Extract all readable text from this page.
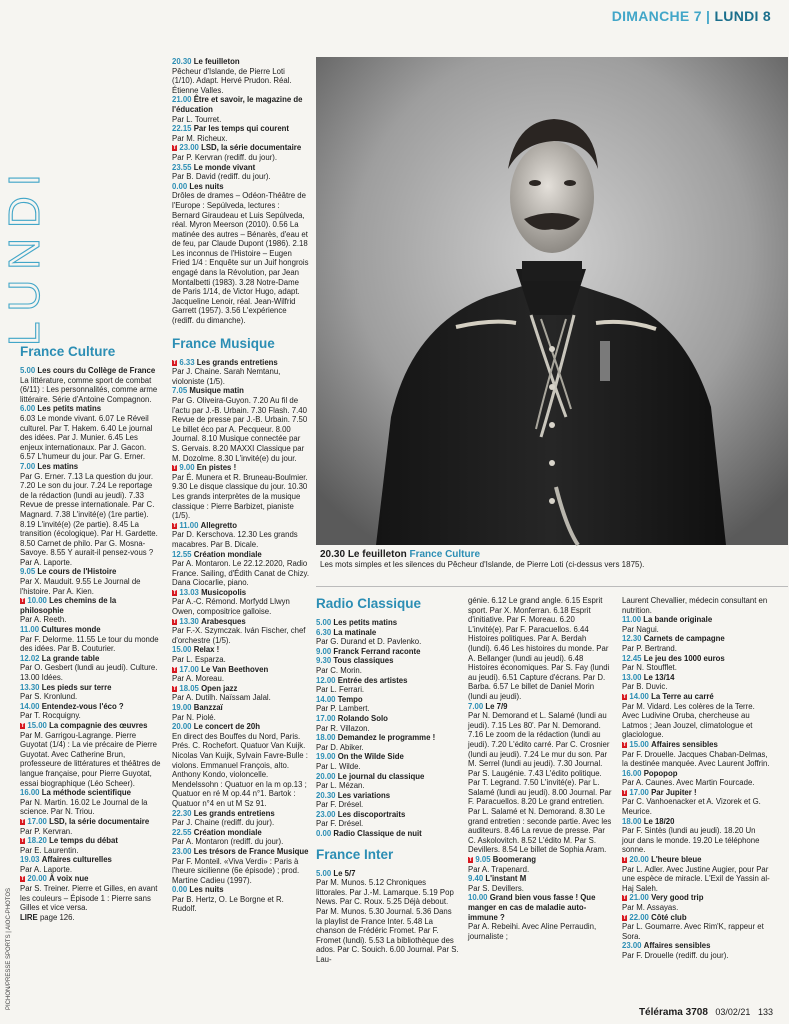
DIMANCHE 7 | LUNDI 8
LUNDI
PICHON/PRESSE SPORTS | AIOC-PHOTOS
France Culture
5.00 Les cours du Collège de France
La littérature, comme sport de combat (6/11) : Les personnalités, comme arme littéraire. Série d'Antoine Compagnon.
6.00 Les petits matins
6.03 Le monde vivant. 6.07 Le Réveil culturel. Par T. Hakem. 6.40 Le journal des idées. Par J. Munier. 6.45 Les enjeux internationaux. Par J. Gacon. 6.57 L'humeur du jour. Par G. Erner.
7.00 Les matins
Par G. Erner. 7.13 La question du jour. 7.20 Le son du jour. 7.24 Le reportage de la rédaction (lundi au jeudi). 7.33 Revue de presse internationale. Par C. Magnard. 7.38 L'invité(e) (1re partie). 8.19 L'invité(e) (2e partie). 8.45 La transition (écologique). Par H. Gardette. 8.50 Carnet de philo. Par G. Mosna-Savoye. 8.55 Y aurait-il pensez-vous ? Par A. Laporte.
9.05 Le cours de l'Histoire
Par X. Mauduit. 9.55 Le Journal de l'histoire. Par A. Kien.
T 10.00 Les chemins de la philosophie
Par A. Reeth.
11.00 Cultures monde
Par F. Delorme. 11.55 Le tour du monde des idées. Par B. Couturier.
12.02 La grande table
Par O. Gesbert (lundi au jeudi). Culture. 13.00 Idées.
13.30 Les pieds sur terre
Par S. Kronlund.
14.00 Entendez-vous l'éco ?
Par T. Rocquigny.
T 15.00 La compagnie des œuvres
Par M. Garrigou-Lagrange. Pierre Guyotat (1/4) : La vie précaire de Pierre Guyotat. Avec Catherine Brun, professeure de littératures et théâtres de langue française, pour Pierre Guyotat, essai biographique (Léo Scheer).
16.00 La méthode scientifique
Par N. Martin. 16.02 Le Journal de la science. Par N. Triou.
T 17.00 LSD, la série documentaire
Par P. Kervran.
T 18.20 Le temps du débat
Par E. Laurentin.
19.03 Affaires culturelles
Par A. Laporte.
T 20.00 À voix nue
Par S. Treiner. Pierre et Gilles, en avant les couleurs – Épisode 1 : Pierre sans Gilles et vice versa.
LIRE page 126.
20.30 Le feuilleton
Pêcheur d'Islande, de Pierre Loti (1/10). Adapt. Hervé Prudon. Réal. Étienne Valles.
21.00 Être et savoir, le magazine de l'éducation
Par L. Tourret.
22.15 Par les temps qui courent
Par M. Richeux.
T 23.00 LSD, la série documentaire
Par P. Kervran (rediff. du jour).
23.55 Le monde vivant
Par B. David (rediff. du jour).
0.00 Les nuits
Drôles de drames – Odéon-Théâtre de l'Europe : Sepúlveda, lectures : Bernard Giraudeau et Luis Sepúlveda, réal. Myron Meerson (2010). 0.56 La matinée des autres – Bénarès, d'eau et de feu, par Claude Dupont (1986). 2.18 Les inconnus de l'Histoire – Eugen Fried 1/4 : Enquête sur un Juif hongrois engagé dans la Révolution, par Jean Montalbetti (1983). 3.28 Notre-Dame de Paris 1/14, de Victor Hugo, adapt. Jacqueline Lenoir, réal. Jean-Wilfrid Garrett (1957). 3.56 L'expérience (rediff. du dimanche).
France Musique
T 6.33 Les grands entretiens
Par J. Chaine. Sarah Nemtanu, violoniste (1/5).
7.05 Musique matin
Par G. Oliveira-Guyon. 7.20 Au fil de l'actu par J.-B. Urbain. 7.30 Flash. 7.40 Revue de presse par J.-B. Urbain. 7.50 Le billet éco par A. Pecqueur. 8.00 Journal. 8.10 Musique connectée par S. Gervais. 8.20 MAXXI Classique par M. Dozolme. 8.30 L'invité(e) du jour.
T 9.00 En pistes !
Par É. Munera et R. Bruneau-Boulmier. 9.30 Le disque classique du jour. 10.30 Les grands interprètes de la musique classique : Pierre Barbizet, pianiste (1/5).
T 11.00 Allegretto
Par D. Kerschova. 12.30 Les grands macabres. Par B. Dicale.
12.55 Création mondiale
Par A. Montaron. Le 22.12.2020, Radio France. Sailing, d'Édith Canat de Chizy. Dana Ciocarlie, piano.
T 13.03 Musicopolis
Par A.-C. Rémond. Morfydd Llwyn Owen, compositrice galloise.
T 13.30 Arabesques
Par F.-X. Szymczak. Iván Fischer, chef d'orchestre (1/5).
15.00 Relax !
Par L. Esparza.
T 17.00 Le Van Beethoven
Par A. Moreau.
T 18.05 Open jazz
Par A. Dutilh. Naïssam Jalal.
19.00 Banzzaï
Par N. Piolé.
20.00 Le concert de 20h
En direct des Bouffes du Nord, Paris. Prés. C. Rochefort. Quatuor Van Kuijk. Nicolas Van Kuijk, Sylvain Favre-Bulle : violons. Emmanuel François, alto. Anthony Kondo, violoncelle. Mendelssohn : Quatuor en la m op.13 ; Quatuor en ré M op.44 n°1. Bartok : Quatuor n°4 en ut M Sz 91.
22.30 Les grands entretiens
Par J. Chaine (rediff. du jour).
22.55 Création mondiale
Par A. Montaron (rediff. du jour).
23.00 Les trésors de France Musique
Par F. Monteil. «Viva Verdi» : Paris à l'heure sicilienne (6e épisode) ; prod. Martine Cadieu (1997).
0.00 Les nuits
Par B. Hertz, O. Le Borgne et R. Rudolf.
Radio Classique
5.00 Les petits matins
6.30 La matinale
Par G. Durand et D. Pavlenko.
9.00 Franck Ferrand raconte
9.30 Tous classiques
Par C. Morin.
12.00 Entrée des artistes
Par L. Ferrari.
14.00 Tempo
Par P. Lambert.
17.00 Rolando Solo
Par R. Villazon.
18.00 Demandez le programme !
Par D. Abiker.
19.00 On the Wilde Side
Par L. Wilde.
20.00 Le journal du classique
Par L. Mézan.
20.30 Les variations
Par F. Drésel.
23.00 Les discoportraits
Par F. Drésel.
0.00 Radio Classique de nuit
France Inter
5.00 Le 5/7
Par M. Munos. 5.12 Chroniques littorales. Par J.-M. Lamarque. 5.19 Pop News. Par C. Roux. 5.25 Déjà debout. Par M. Munos. 5.30 Journal. 5.36 Dans la playlist de France Inter. 5.48 La chanson de Frédéric Fromet. Par F. Fromet (lundi). 5.53 La bibliothèque des ados. Par C. Souich. 6.00 Journal. Par S. Lau-
génie. 6.12 Le grand angle. 6.15 Esprit sport. Par X. Monferran. 6.18 Esprit d'initiative. Par F. Moreau. 6.20 L'invité(e). Par F. Paracuellos. 6.44 Histoires politiques. Par A. Berdah (lundi). 6.46 Les histoires du monde. Par A. Bellanger (lundi au jeudi). 6.48 Histoires économiques. Par S. Fay (lundi au jeudi). 6.51 Capture d'écrans. Par D. Barba. 6.57 Le billet de Daniel Morin (lundi au jeudi).
7.00 Le 7/9
Par N. Demorand et L. Salamé (lundi au jeudi). 7.15 Les 80'. Par N. Demorand. 7.16 Le zoom de la rédaction (lundi au jeudi). 7.20 L'édito carré. Par C. Crosnier (lundi au jeudi). 7.24 Le mur du son. Par M. Serrel (lundi au jeudi). 7.30 Journal. Par S. Laugénie. 7.43 L'édito politique. Par T. Legrand. 7.50 L'invité(e). Par L. Salamé (lundi au jeudi). 8.00 Journal. Par F. Paracuellos. 8.20 Le grand entretien. Par L. Salamé et N. Demorand. 8.30 Le grand entretien : seconde partie. Avec les auditeurs. 8.46 La revue de presse. Par C. Askolovitch. 8.52 L'édito M. Par S. Devillers. 8.54 Le billet de Sophia Aram.
T 9.05 Boomerang
Par A. Trapenard.
9.40 L'instant M
Par S. Devillers.
10.00 Grand bien vous fasse ! Que manger en cas de maladie auto-immune ?
Par A. Rebeihi. Avec Aline Perraudin, journaliste ;
Laurent Chevallier, médecin consultant en nutrition.
11.00 La bande originale
Par Nagui.
12.30 Carnets de campagne
Par P. Bertrand.
12.45 Le jeu des 1000 euros
Par N. Stoufflet.
13.00 Le 13/14
Par B. Duvic.
T 14.00 La Terre au carré
Par M. Vidard. Les colères de la Terre. Avec Ludivine Oruba, chercheuse au Latmos ; Jean Jouzel, climatologue et glaciologue.
T 15.00 Affaires sensibles
Par F. Drouelle. Jacques Chaban-Delmas, la destinée manquée. Avec Laurent Joffrin.
16.00 Popopop
Par A. Caunes. Avec Martin Fourcade.
T 17.00 Par Jupiter !
Par C. Vanhoenacker et A. Vizorek et G. Meurice.
18.00 Le 18/20
Par F. Sintès (lundi au jeudi). 18.20 Un jour dans le monde. 19.20 Le téléphone sonne.
T 20.00 L'heure bleue
Par L. Adler. Avec Justine Augier, pour Par une espèce de miracle. L'Exil de Yassin al-Haj Saleh.
T 21.00 Very good trip
Par M. Assayas.
T 22.00 Côté club
Par L. Goumarre. Avec Rim'K, rappeur et Sora.
23.00 Affaires sensibles
Par F. Drouelle (rediff. du jour).
20.30 Le feuilleton France Culture
Les mots simples et les silences du Pêcheur d'Islande, de Pierre Loti (ci-dessus vers 1875).
Télérama 3708 03/02/21 133
